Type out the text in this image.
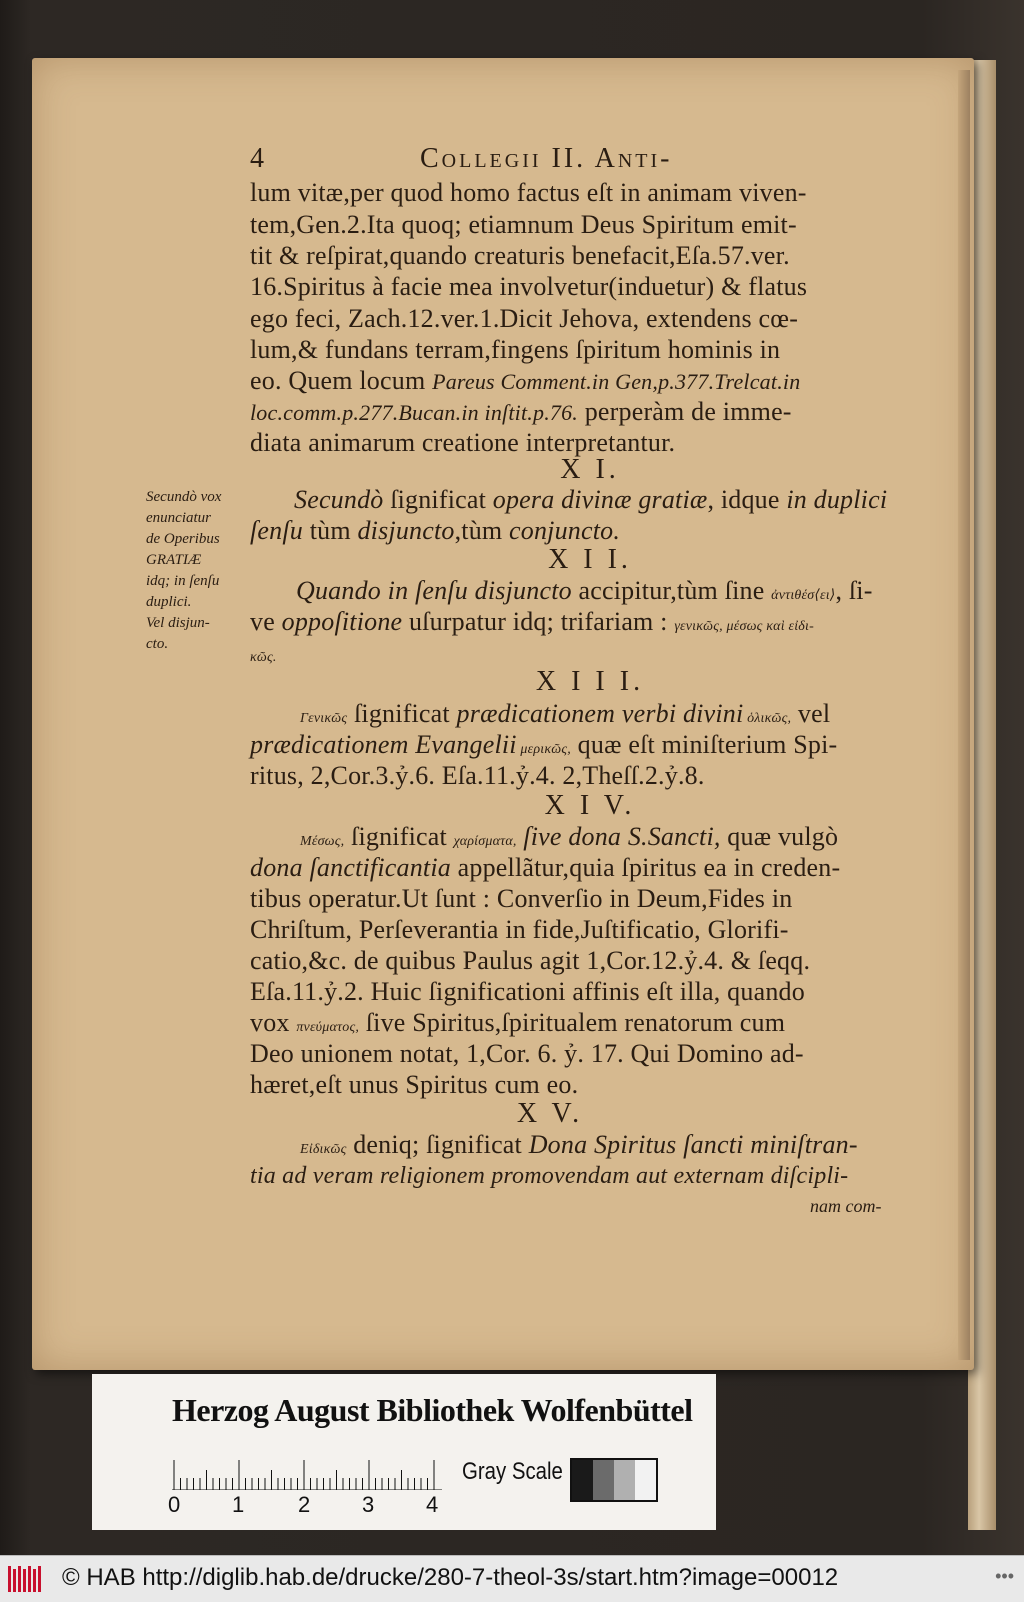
4	Collegii II. Anti-
Secundò vox
enunciatur
de Operibus
GRATIÆ
idq; in ſenſu
duplici.
Vel disjun-
cto.
lum vitæ,per quod homo factus eſt in animam viven-
tem,Gen.2.Ita quoq; etiamnum Deus Spiritum emit-
tit & reſpirat,quando creaturis benefacit,Eſa.57.ver.
16.Spiritus à facie mea involvetur(induetur) & flatus
ego feci, Zach.12.ver.1.Dicit Jehova, extendens cœ-
lum,& fundans terram,fingens ſpiritum hominis in
eo. Quem locum Pareus Comment.in Gen,p.377.Trelcat.in
loc.comm.p.277.Bucan.in inſtit.p.76. perperàm de imme-
diata animarum creatione interpretantur.
X I.
Secundò ſignificat opera divinæ gratiæ, idque in duplici
ſenſu tùm disjuncto,tùm conjuncto.
X I I.
Quando in ſenſu disjuncto accipitur,tùm ſine ἀντιθέσ⟨ει⟩, ſi-
ve oppoſitione uſurpatur idq; trifariam : γενικῶς, μέσως καὶ εἰδι-
κῶς.
X I I I.
Γενικῶς ſignificat prædicationem verbi divini ὁλικῶς, vel
prædicationem Evangelii μερικῶς, quæ eſt miniſterium Spi-
ritus, 2,Cor.3.ỷ.6. Eſa.11.ỷ.4. 2,Theſſ.2.ỷ.8.
X I V.
Μέσως, ſignificat χαρίσματα, ſive dona S.Sancti, quæ vulgò
dona ſanctificantia appellãtur,quia ſpiritus ea in creden-
tibus operatur.Ut ſunt : Converſio in Deum,Fides in
Chriſtum, Perſeverantia in fide,Juſtificatio, Glorifi-
catio,&c. de quibus Paulus agit 1,Cor.12.ỷ.4. & ſeqq.
Eſa.11.ỷ.2. Huic ſignificationi affinis eſt illa, quando
vox πνεύματος, ſive Spiritus,ſpiritualem renatorum cum
Deo unionem notat, 1,Cor. 6. ỷ. 17. Qui Domino ad-
hæret,eſt unus Spiritus cum eo.
X V.
Εἰδικῶς deniq; ſignificat Dona Spiritus ſancti miniſtran-
tia ad veram religionem promovendam aut externam diſcipli-
nam com-
Herzog August Bibliothek Wolfenbüttel
0 1 2 3 4
Gray Scale
© HAB http://diglib.hab.de/drucke/280-7-theol-3s/start.htm?image=00012	•••
